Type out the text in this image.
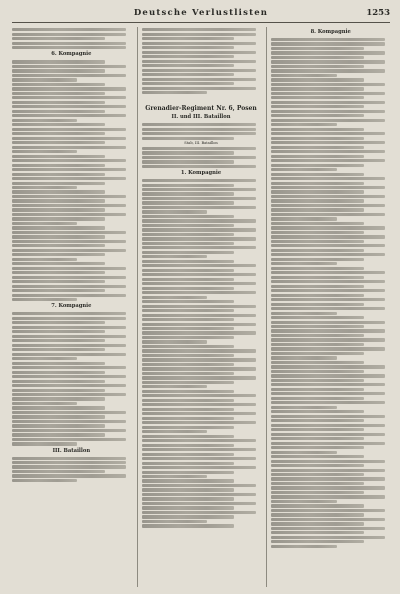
Deutsche Verlustlisten	1253
6. Kompagnie
7. Kompagnie
III. Bataillon
Grenadier-Regiment Nr. 6, Posen
II. und III. Bataillon
Stab, III. Bataillon
1. Kompagnie
8. Kompagnie
